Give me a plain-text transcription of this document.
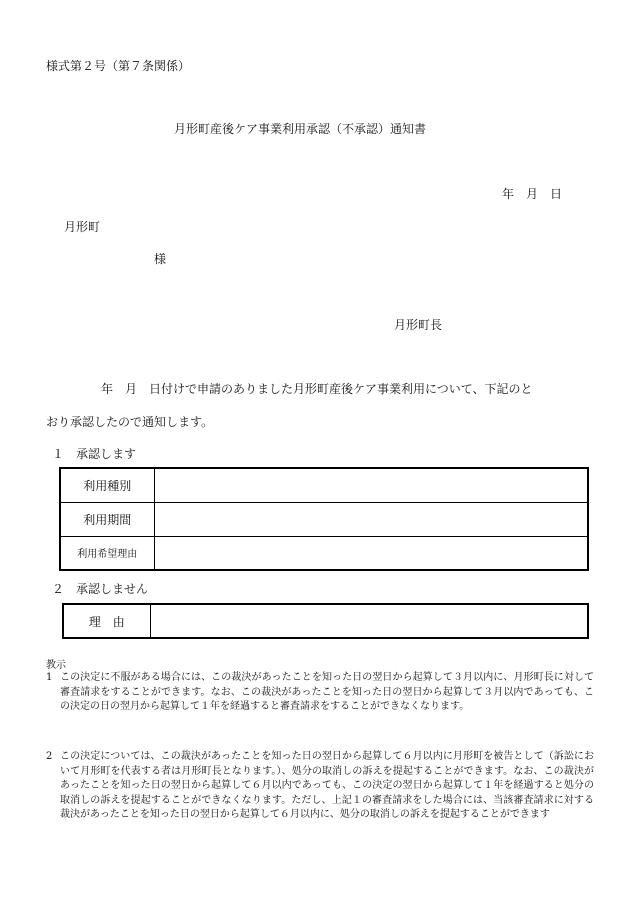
様式第２号（第７条関係）
月形町産後ケア事業利用承認（不承認）通知書
年　月　日
月形町
様
月形町長
年　月　日付けで申請のありました月形町産後ケア事業利用について、下記のと
おり承認したので通知します。
１　承認します
利用種別	
利用期間	
利用希望理由	
２　承認しません
理　由	
教示

1 この決定に不服がある場合には、この裁決があったことを知った日の翌日から起算して３月以内に、月形町長に対して審査請求をすることができます。なお、この裁決があったことを知った日の翌日から起算して３月以内であっても、この決定の日の翌月から起算して１年を経過すると審査請求をすることができなくなります。

2 この決定については、この裁決があったことを知った日の翌日から起算して６月以内に月形町を被告として（訴訟において月形町を代表する者は月形町長となります。）、処分の取消しの訴えを提起することができます。なお、この裁決があったことを知った日の翌日から起算して６月以内であっても、この決定の翌日から起算して１年を経過すると処分の取消しの訴えを提起することができなくなります。ただし、上記１の審査請求をした場合には、当該審査請求に対する裁決があったことを知った日の翌日から起算して６月以内に、処分の取消しの訴えを提起することができます
